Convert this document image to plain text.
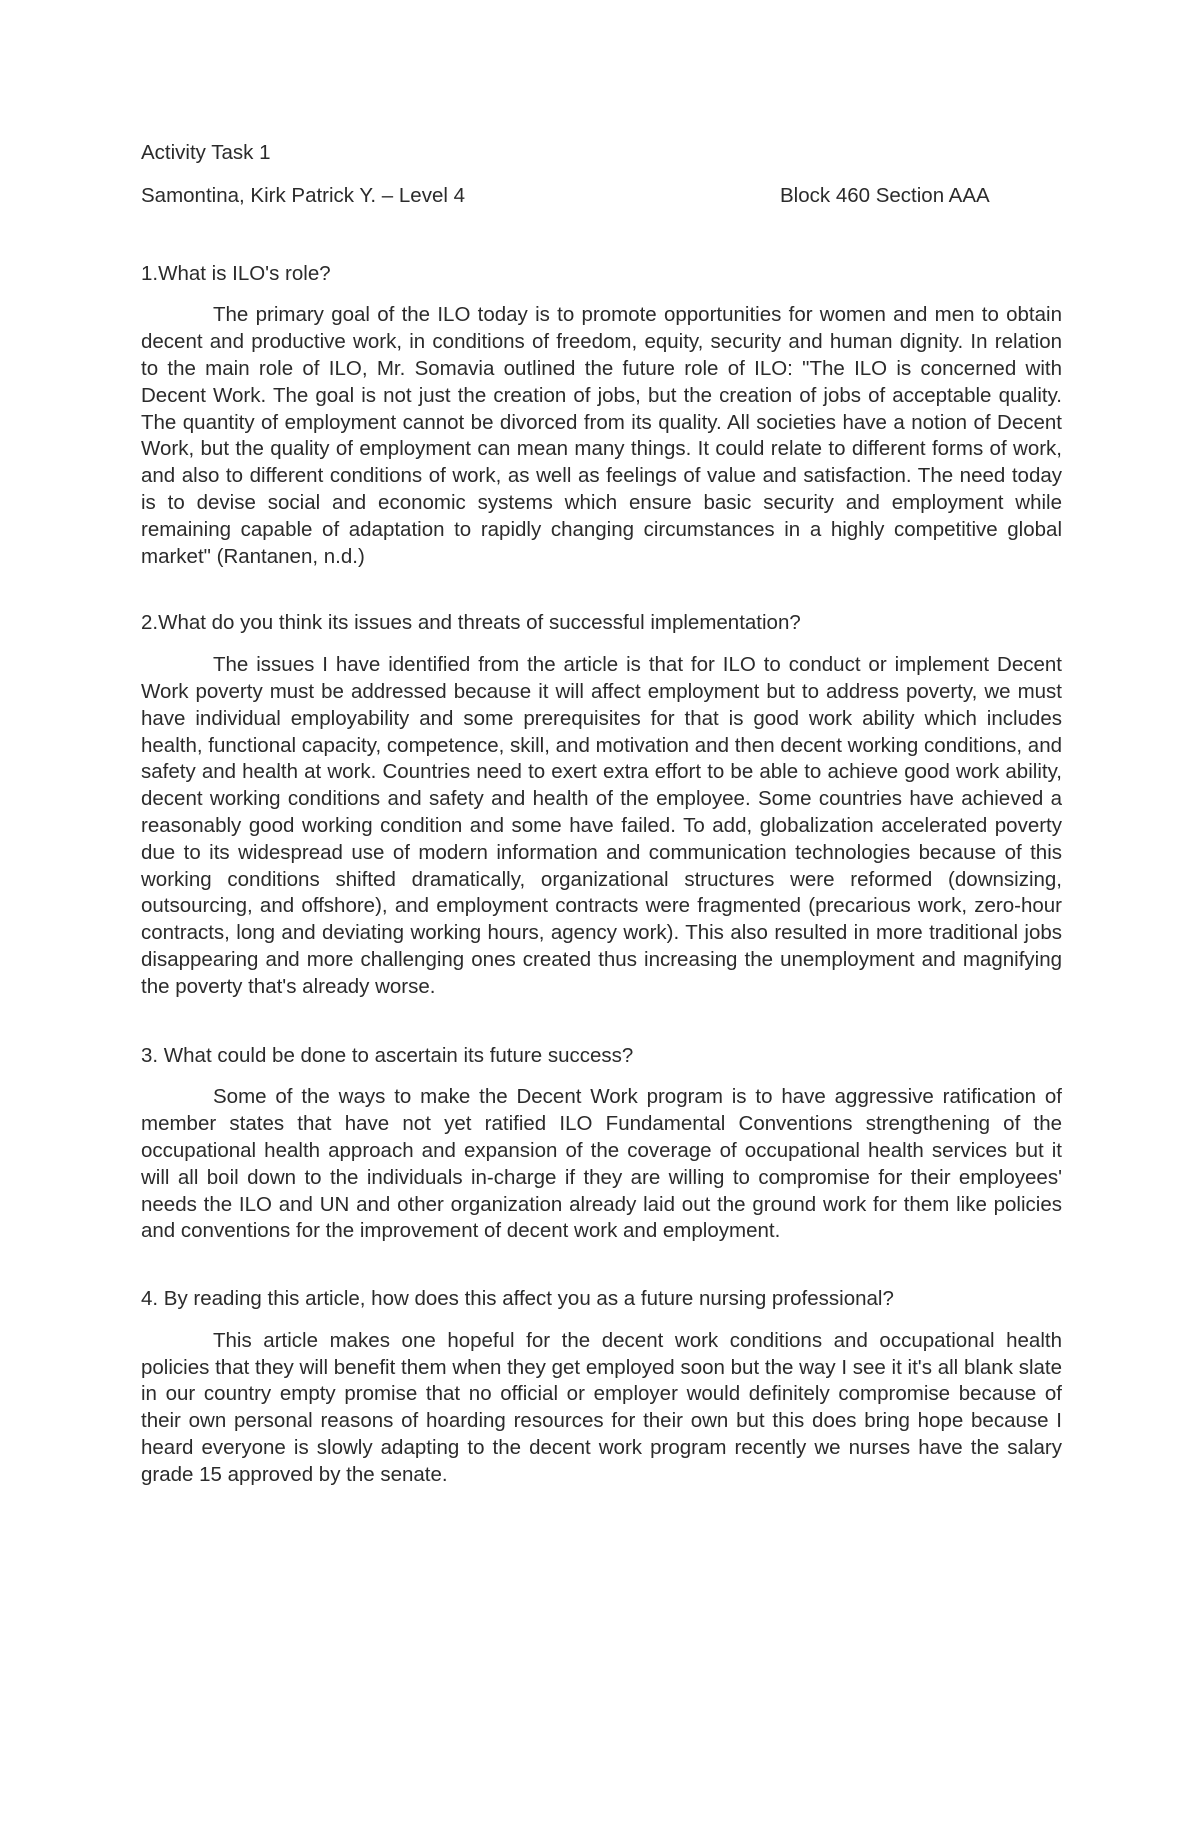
Activity Task 1

Samontina, Kirk Patrick Y. – Level 4	Block 460 Section AAA

1.What is ILO's role?

The primary goal of the ILO today is to promote opportunities for women and men to obtain decent and productive work, in conditions of freedom, equity, security and human dignity. In relation to the main role of ILO, Mr. Somavia outlined the future role of ILO: "The ILO is concerned with Decent Work. The goal is not just the creation of jobs, but the creation of jobs of acceptable quality. The quantity of employment cannot be divorced from its quality. All societies have a notion of Decent Work, but the quality of employment can mean many things. It could relate to different forms of work, and also to different conditions of work, as well as feelings of value and satisfaction. The need today is to devise social and economic systems which ensure basic security and employment while remaining capable of adaptation to rapidly changing circumstances in a highly competitive global market" (Rantanen, n.d.)

2.What do you think its issues and threats of successful implementation?

The issues I have identified from the article is that for ILO to conduct or implement Decent Work poverty must be addressed because it will affect employment but to address poverty, we must have individual employability and some prerequisites for that is good work ability which includes health, functional capacity, competence, skill, and motivation and then decent working conditions, and safety and health at work. Countries need to exert extra effort to be able to achieve good work ability, decent working conditions and safety and health of the employee. Some countries have achieved a reasonably good working condition and some have failed. To add, globalization accelerated poverty due to its widespread use of modern information and communication technologies because of this working conditions shifted dramatically, organizational structures were reformed (downsizing, outsourcing, and offshore), and employment contracts were fragmented (precarious work, zero-hour contracts, long and deviating working hours, agency work). This also resulted in more traditional jobs disappearing and more challenging ones created thus increasing the unemployment and magnifying the poverty that's already worse.

3. What could be done to ascertain its future success?

Some of the ways to make the Decent Work program is to have aggressive ratification of member states that have not yet ratified ILO Fundamental Conventions strengthening of the occupational health approach and expansion of the coverage of occupational health services but it will all boil down to the individuals in-charge if they are willing to compromise for their employees' needs the ILO and UN and other organization already laid out the ground work for them like policies and conventions for the improvement of decent work and employment.

4. By reading this article, how does this affect you as a future nursing professional?

This article makes one hopeful for the decent work conditions and occupational health policies that they will benefit them when they get employed soon but the way I see it it's all blank slate in our country empty promise that no official or employer would definitely compromise because of their own personal reasons of hoarding resources for their own but this does bring hope because I heard everyone is slowly adapting to the decent work program recently we nurses have the salary grade 15 approved by the senate.
